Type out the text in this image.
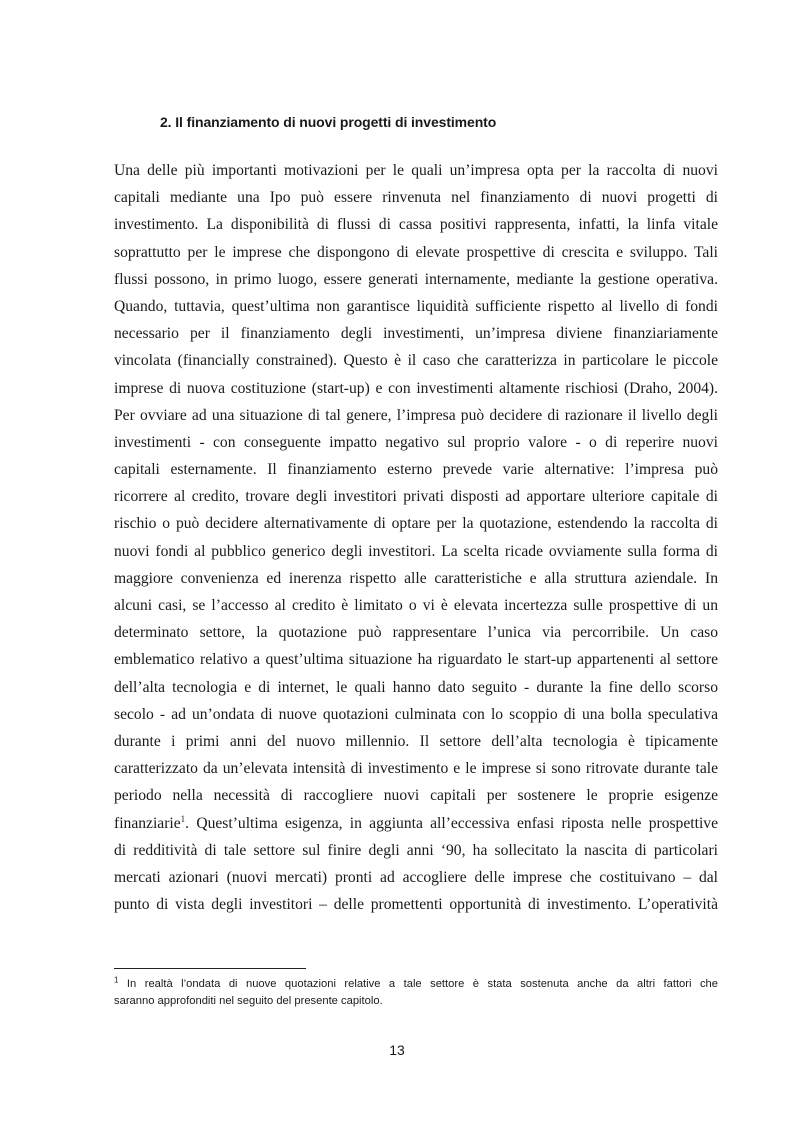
2. Il finanziamento di nuovi progetti di investimento
Una delle più importanti motivazioni per le quali un’impresa opta per la raccolta di nuovi
capitali mediante una Ipo può essere rinvenuta nel finanziamento di nuovi progetti di
investimento. La disponibilità di flussi di cassa positivi rappresenta, infatti, la linfa vitale
soprattutto per le imprese che dispongono di elevate prospettive di crescita e sviluppo. Tali
flussi possono, in primo luogo, essere generati internamente, mediante la gestione operativa.
Quando, tuttavia, quest’ultima non garantisce liquidità sufficiente rispetto al livello di fondi
necessario per il finanziamento degli investimenti, un’impresa diviene finanziariamente
vincolata (financially constrained). Questo è il caso che caratterizza in particolare le piccole
imprese di nuova costituzione (start-up) e con investimenti altamente rischiosi (Draho, 2004).
Per ovviare ad una situazione di tal genere, l’impresa può decidere di razionare il livello degli
investimenti - con conseguente impatto negativo sul proprio valore - o di reperire nuovi
capitali esternamente. Il finanziamento esterno prevede varie alternative: l’impresa può
ricorrere al credito, trovare degli investitori privati disposti ad apportare ulteriore capitale di
rischio o può decidere alternativamente di optare per la quotazione, estendendo la raccolta di
nuovi fondi al pubblico generico degli investitori. La scelta ricade ovviamente sulla forma di
maggiore convenienza ed inerenza rispetto alle caratteristiche e alla struttura aziendale. In
alcuni casi, se l’accesso al credito è limitato o vi è elevata incertezza sulle prospettive di un
determinato settore, la quotazione può rappresentare l’unica via percorribile. Un caso
emblematico relativo a quest’ultima situazione ha riguardato le start-up appartenenti al settore
dell’alta tecnologia e di internet, le quali hanno dato seguito - durante la fine dello scorso
secolo - ad un’ondata di nuove quotazioni culminata con lo scoppio di una bolla speculativa
durante i primi anni del nuovo millennio. Il settore dell’alta tecnologia è tipicamente
caratterizzato da un’elevata intensità di investimento e le imprese si sono ritrovate durante tale
periodo nella necessità di raccogliere nuovi capitali per sostenere le proprie esigenze
finanziarie$^1$. Quest’ultima esigenza, in aggiunta all’eccessiva enfasi riposta nelle prospettive
di redditività di tale settore sul finire degli anni ‘90, ha sollecitato la nascita di particolari
mercati azionari (nuovi mercati) pronti ad accogliere delle imprese che costituivano – dal
punto di vista degli investitori – delle promettenti opportunità di investimento. L’operatività
$^1$ In realtà l’ondata di nuove quotazioni relative a tale settore è stata sostenuta anche da altri fattori che
saranno approfonditi nel seguito del presente capitolo.

13
